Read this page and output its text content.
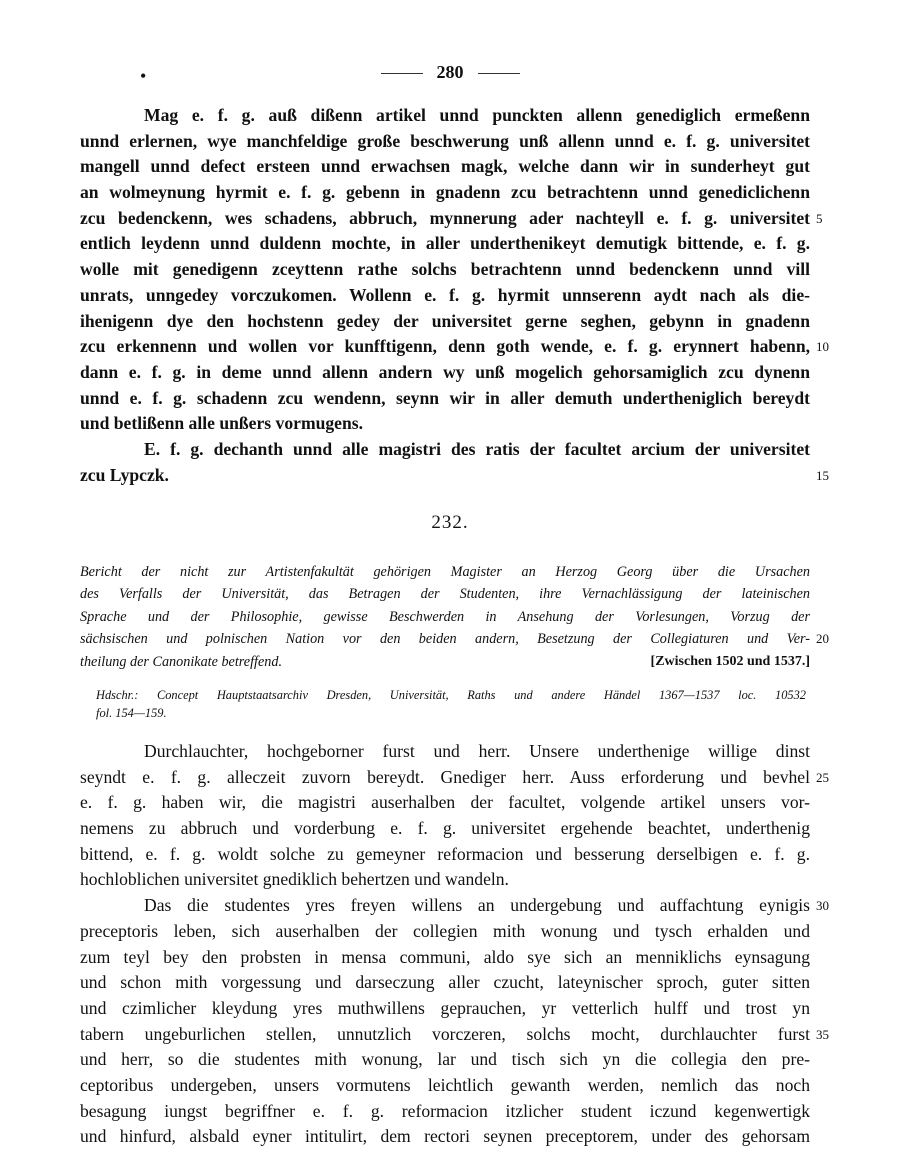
280
•
Mag e. f. g. auß dißenn artikel unnd punckten allenn genediglich ermeßenn
unnd erlernen, wye manchfeldige große beschwerung unß allenn unnd e. f. g. universitet
mangell unnd defect ersteen unnd erwachsen magk, welche dann wir in sunderheyt gut
an wolmeynung hyrmit e. f. g. gebenn in gnadenn zcu betrachtenn unnd genediclichenn
zcu bedenckenn, wes schadens, abbruch, mynnerung ader nachteyll e. f. g. universitet 5
entlich leydenn unnd duldenn mochte, in aller underthenikeyt demutigk bittende, e. f. g.
wolle mit genedigenn zceyttenn rathe solchs betrachtenn unnd bedenckenn unnd vill
unrats, unngedey vorczukomen. Wollenn e. f. g. hyrmit unnserenn aydt nach als die-
ihenigenn dye den hochstenn gedey der universitet gerne seghen, gebynn in gnadenn
zcu erkennenn und wollen vor kunfftigenn, denn goth wende, e. f. g. erynnert habenn, 10
dann e. f. g. in deme unnd allenn andern wy unß mogelich gehorsamiglich zcu dynenn
unnd e. f. g. schadenn zcu wendenn, seynn wir in aller demuth undertheniglich bereydt
und betlißenn alle unßers vormugens.
E. f. g. dechanth unnd alle magistri des ratis der facultet arcium der universitet
zcu Lypczk.	15
232.
Bericht der nicht zur Artistenfakultät gehörigen Magister an Herzog Georg über die Ursachen
des Verfalls der Universität, das Betragen der Studenten, ihre Vernachlässigung der lateinischen
Sprache und der Philosophie, gewisse Beschwerden in Ansehung der Vorlesungen, Vorzug der
sächsischen und polnischen Nation vor den beiden andern, Besetzung der Collegiaturen und Ver- 20
theilung der Canonikate betreffend.	[Zwischen 1502 und 1537.]
Hdschr.: Concept Hauptstaatsarchiv Dresden, Universität, Raths und andere Händel 1367—1537 loc. 10532
fol. 154—159.
Durchlauchter, hochgeborner furst und herr. Unsere underthenige willige dinst
seyndt e. f. g. alleczeit zuvorn bereydt. Gnediger herr. Auss erforderung und bevhel 25
e. f. g. haben wir, die magistri auserhalben der facultet, volgende artikel unsers vor-
nemens zu abbruch und vorderbung e. f. g. universitet ergehende beachtet, underthenig
bittend, e. f. g. woldt solche zu gemeyner reformacion und besserung derselbigen e. f. g.
hochloblichen universitet gnediklich behertzen und wandeln.
Das die studentes yres freyen willens an undergebung und auffachtung eynigis 30
preceptoris leben, sich auserhalben der collegien mith wonung und tysch erhalden und
zum teyl bey den probsten in mensa communi, aldo sye sich an menniklichs eynsagung
und schon mith vorgessung und darseczung aller czucht, lateynischer sproch, guter sitten
und czimlicher kleydung yres muthwillens geprauchen, yr vetterlich hulff und trost yn
tabern ungeburlichen stellen, unnutzlich vorczeren, solchs mocht, durchlauchter furst 35
und herr, so die studentes mith wonung, lar und tisch sich yn die collegia den pre-
ceptoribus undergeben, unsers vormutens leichtlich gewanth werden, nemlich das noch
besagung iungst begriffner e. f. g. reformacion itzlicher student iczund kegenwertigk
und hinfurd, alsbald eyner intitulirt, dem rectori seynen preceptorem, under des gehorsam
